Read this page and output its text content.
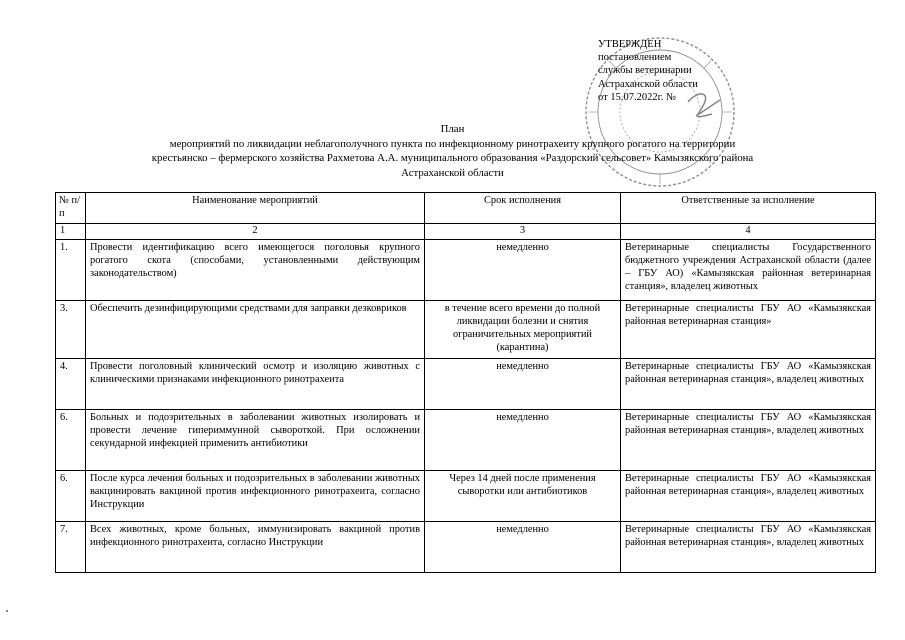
УТВЕРЖДЕН
постановлением
службы ветеринарии
Астраханской области
от 15.07.2022г. №
План
мероприятий по ликвидации неблагополучного пункта по инфекционному ринотрахеиту крупного рогатого на территории
крестьянско – фермерского хозяйства Рахметова А.А. муниципального образования «Раздорский сельсовет» Камызякского района
Астраханской области
№ п/п	Наименование мероприятий	Срок исполнения	Ответственные за исполнение
1	2	3	4
1.	Провести идентификацию всего имеющегося поголовья крупного рогатого скота (способами, установленными действующим законодательством)	немедленно	Ветеринарные специалисты Государственного бюджетного учреждения Астраханской области (далее – ГБУ АО) «Камызякская районная ветеринарная станция», владелец животных
3.	Обеспечить дезинфицирующими средствами для заправки дезковриков	в течение всего времени до полной ликвидации болезни и снятия ограничительных мероприятий (карантина)	Ветеринарные специалисты ГБУ АО «Камызякская районная ветеринарная станция»
4.	Провести поголовный клинический осмотр и изоляцию животных с клиническими признаками инфекционного ринотрахеита	немедленно	Ветеринарные специалисты ГБУ АО «Камызякская районная ветеринарная станция», владелец животных
6.	Больных и подозрительных в заболевании животных изолировать и провести лечение гипериммунной сывороткой. При осложнении секундарной инфекцией применить антибиотики	немедленно	Ветеринарные специалисты ГБУ АО «Камызякская районная ветеринарная станция», владелец животных
6.	После курса лечения больных и подозрительных в заболевании животных вакцинировать вакциной против инфекционного ринотрахеита, согласно Инструкции	Через 14 дней после применения сыворотки или антибиотиков	Ветеринарные специалисты ГБУ АО «Камызякская районная ветеринарная станция», владелец животных
7.	Всех животных, кроме больных, иммунизировать вакциной против инфекционного ринотрахеита, согласно Инструкции	немедленно	Ветеринарные специалисты ГБУ АО «Камызякская районная ветеринарная станция», владелец животных
